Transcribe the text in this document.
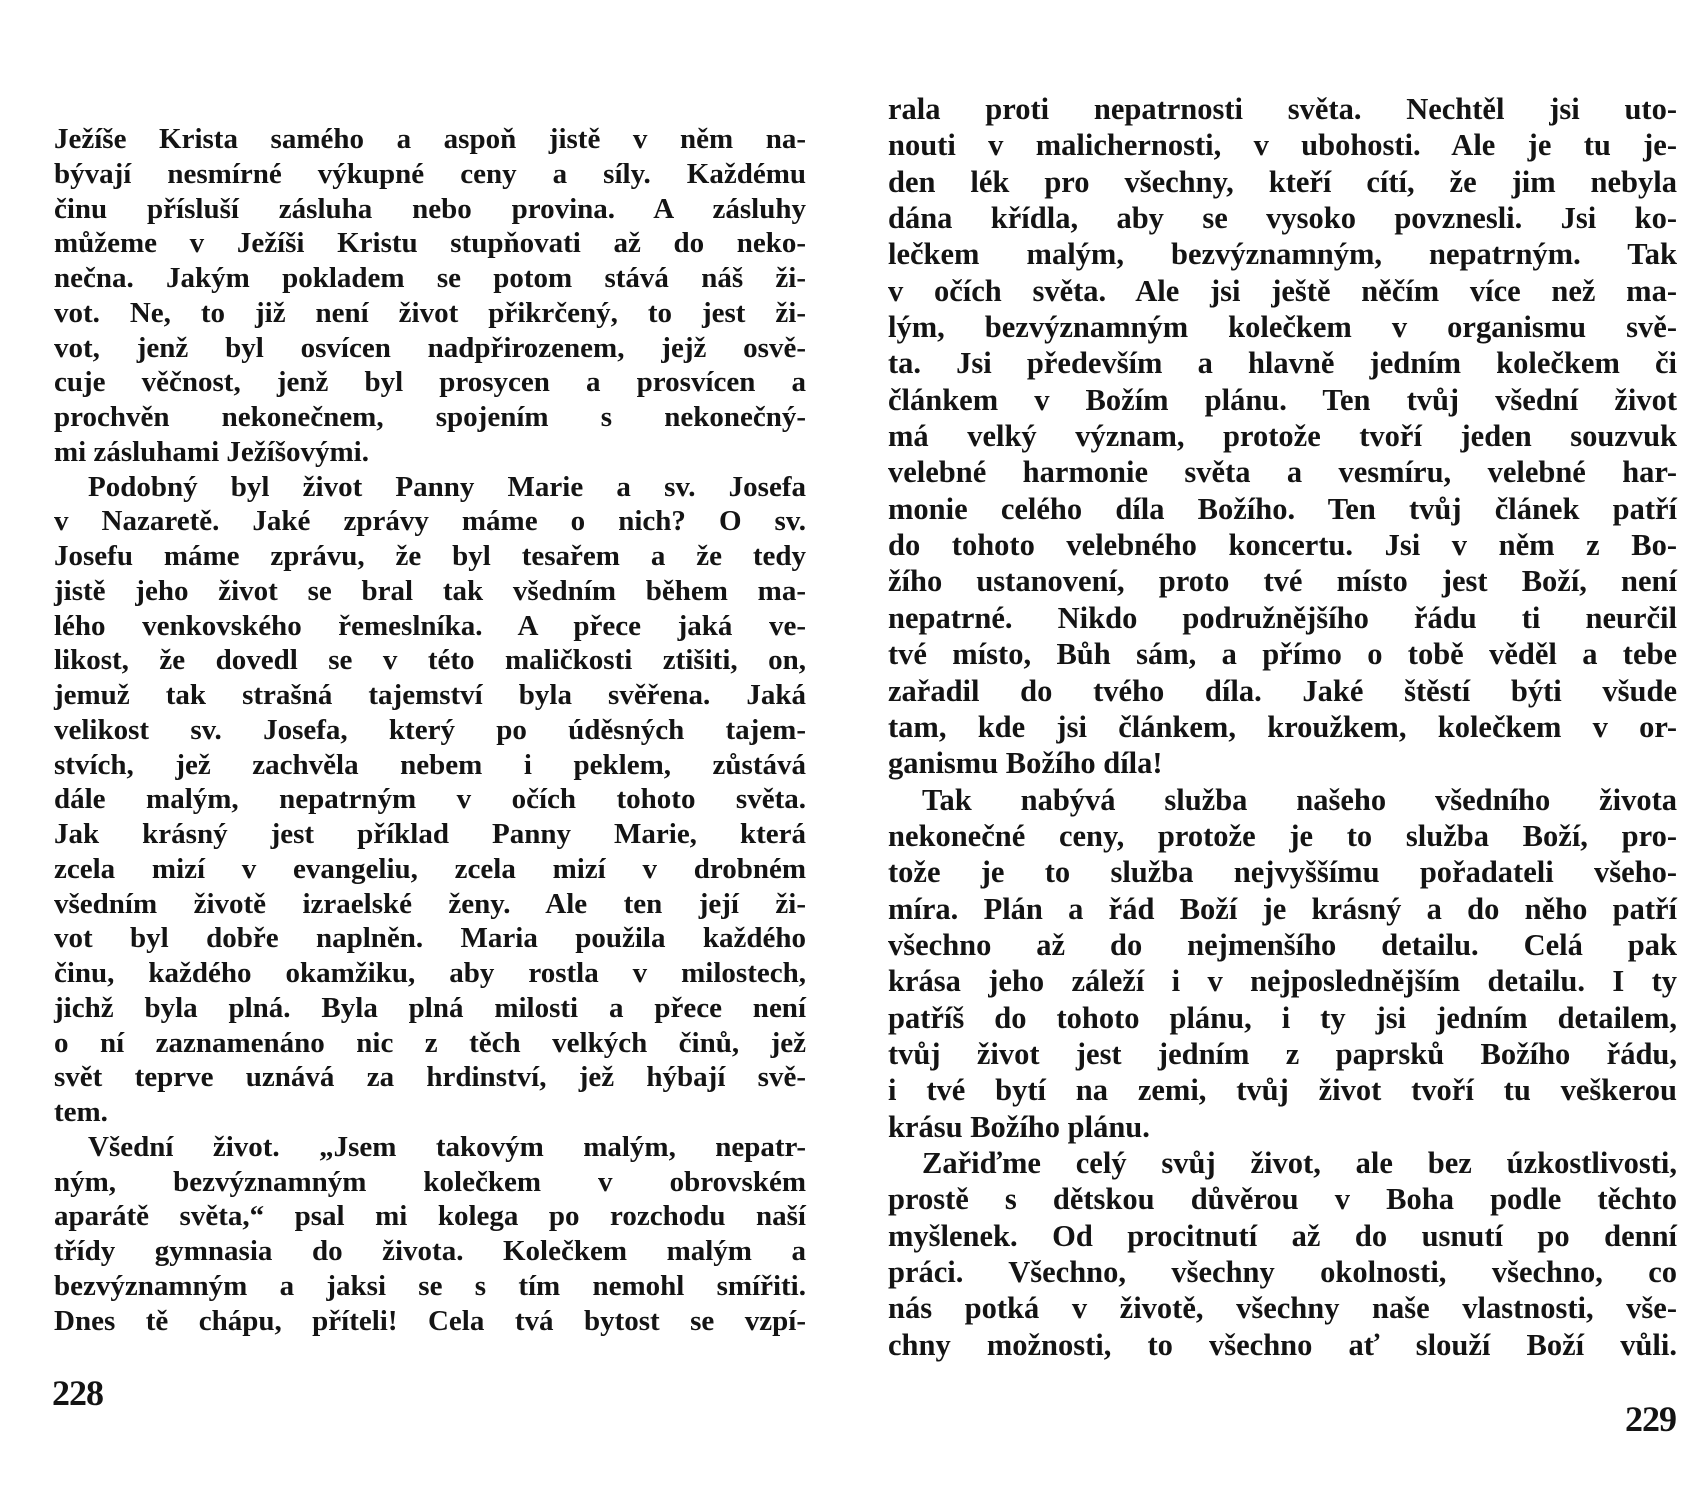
Ježíše Krista samého a aspoň jistě v něm na-
bývají nesmírné výkupné ceny a síly. Každému
činu přísluší zásluha nebo provina. A zásluhy
můžeme v Ježíši Kristu stupňovati až do neko-
nečna. Jakým pokladem se potom stává náš ži-
vot. Ne, to již není život přikrčený, to jest ži-
vot, jenž byl osvícen nadpřirozenem, jejž osvě-
cuje věčnost, jenž byl prosycen a prosvícen a
prochvěn nekonečnem, spojením s nekonečný-
mi zásluhami Ježíšovými.
Podobný byl život Panny Marie a sv. Josefa
v Nazaretě. Jaké zprávy máme o nich? O sv.
Josefu máme zprávu, že byl tesařem a že tedy
jistě jeho život se bral tak všedním během ma-
lého venkovského řemeslníka. A přece jaká ve-
likost, že dovedl se v této maličkosti ztišiti, on,
jemuž tak strašná tajemství byla svěřena. Jaká
velikost sv. Josefa, který po úděsných tajem-
stvích, jež zachvěla nebem i peklem, zůstává
dále malým, nepatrným v očích tohoto světa.
Jak krásný jest příklad Panny Marie, která
zcela mizí v evangeliu, zcela mizí v drobném
všedním životě izraelské ženy. Ale ten její ži-
vot byl dobře naplněn. Maria použila každého
činu, každého okamžiku, aby rostla v milostech,
jichž byla plná. Byla plná milosti a přece není
o ní zaznamenáno nic z těch velkých činů, jež
svět teprve uznává za hrdinství, jež hýbají svě-
tem.
Všední život. „Jsem takovým malým, nepatr-
ným, bezvýznamným kolečkem v obrovském
aparátě světa,“ psal mi kolega po rozchodu naší
třídy gymnasia do života. Kolečkem malým a
bezvýznamným a jaksi se s tím nemohl smířiti.
Dnes tě chápu, příteli! Cela tvá bytost se vzpí-
rala proti nepatrnosti světa. Nechtěl jsi uto-
nouti v malichernosti, v ubohosti. Ale je tu je-
den lék pro všechny, kteří cítí, že jim nebyla
dána křídla, aby se vysoko povznesli. Jsi ko-
lečkem malým, bezvýznamným, nepatrným. Tak
v očích světa. Ale jsi ještě něčím více než ma-
lým, bezvýznamným kolečkem v organismu svě-
ta. Jsi především a hlavně jedním kolečkem či
článkem v Božím plánu. Ten tvůj všední život
má velký význam, protože tvoří jeden souzvuk
velebné harmonie světa a vesmíru, velebné har-
monie celého díla Božího. Ten tvůj článek patří
do tohoto velebného koncertu. Jsi v něm z Bo-
žího ustanovení, proto tvé místo jest Boží, není
nepatrné. Nikdo podružnějšího řádu ti neurčil
tvé místo, Bůh sám, a přímo o tobě věděl a tebe
zařadil do tvého díla. Jaké štěstí býti všude
tam, kde jsi článkem, kroužkem, kolečkem v or-
ganismu Božího díla!
Tak nabývá služba našeho všedního života
nekonečné ceny, protože je to služba Boží, pro-
tože je to služba nejvyššímu pořadateli všeho-
míra. Plán a řád Boží je krásný a do něho patří
všechno až do nejmenšího detailu. Celá pak
krása jeho záleží i v nejposlednějším detailu. I ty
patříš do tohoto plánu, i ty jsi jedním detailem,
tvůj život jest jedním z paprsků Božího řádu,
i tvé bytí na zemi, tvůj život tvoří tu veškerou
krásu Božího plánu.
Zařiďme celý svůj život, ale bez úzkostlivosti,
prostě s dětskou důvěrou v Boha podle těchto
myšlenek. Od procitnutí až do usnutí po denní
práci. Všechno, všechny okolnosti, všechno, co
nás potká v životě, všechny naše vlastnosti, vše-
chny možnosti, to všechno ať slouží Boží vůli.
228
229
